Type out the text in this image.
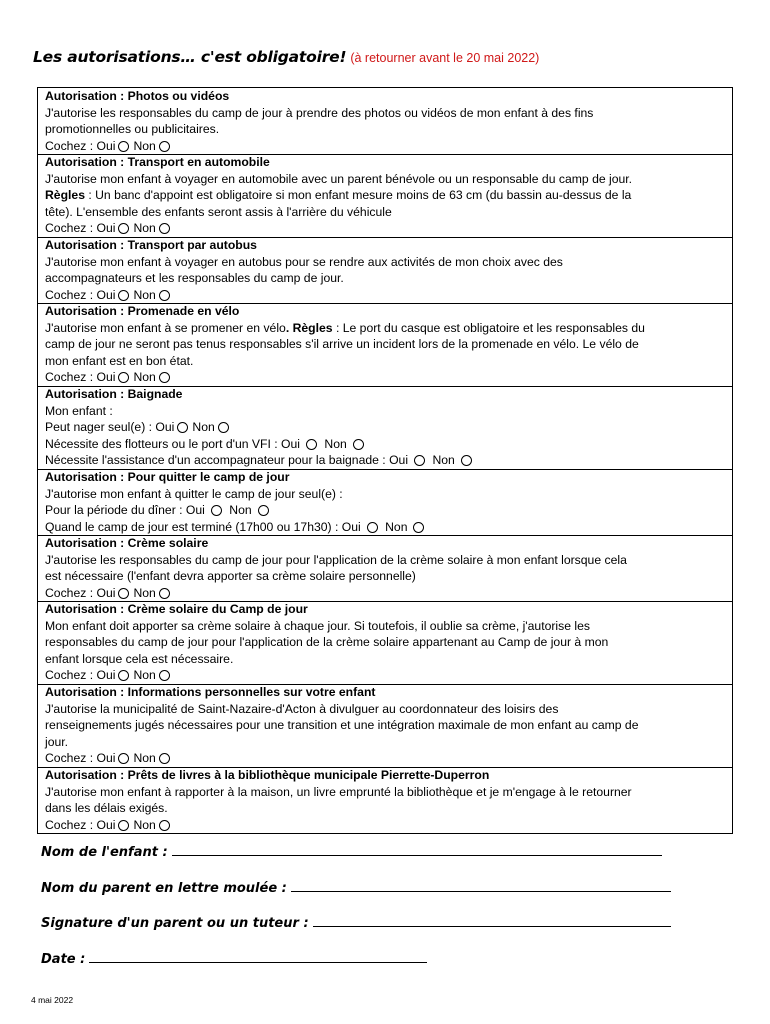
Les autorisations… c'est obligatoire! (à retourner avant le 20 mai 2022)
Autorisation : Photos ou vidéos
J'autorise les responsables du camp de jour à prendre des photos ou vidéos de mon enfant à des fins
promotionnelles ou publicitaires.
Cochez : Oui Non
Autorisation : Transport en automobile
J'autorise mon enfant à voyager en automobile avec un parent bénévole ou un responsable du camp de jour.
Règles : Un banc d'appoint est obligatoire si mon enfant mesure moins de 63 cm (du bassin au-dessus de la
tête). L'ensemble des enfants seront assis à l'arrière du véhicule
Cochez : Oui Non
Autorisation : Transport par autobus
J'autorise mon enfant à voyager en autobus pour se rendre aux activités de mon choix avec des
accompagnateurs et les responsables du camp de jour.
Cochez : Oui Non
Autorisation : Promenade en vélo
J'autorise mon enfant à se promener en vélo. Règles : Le port du casque est obligatoire et les responsables du
camp de jour ne seront pas tenus responsables s'il arrive un incident lors de la promenade en vélo. Le vélo de
mon enfant est en bon état.
Cochez : Oui Non
Autorisation : Baignade
Mon enfant :
Peut nager seul(e) : Oui Non
Nécessite des flotteurs ou le port d'un VFI : Oui Non
Nécessite l'assistance d'un accompagnateur pour la baignade : Oui Non
Autorisation : Pour quitter le camp de jour
J'autorise mon enfant à quitter le camp de jour seul(e) :
Pour la période du dîner : Oui Non
Quand le camp de jour est terminé (17h00 ou 17h30) : Oui Non
Autorisation : Crème solaire
J'autorise les responsables du camp de jour pour l'application de la crème solaire à mon enfant lorsque cela
est nécessaire (l'enfant devra apporter sa crème solaire personnelle)
Cochez : Oui Non
Autorisation : Crème solaire du Camp de jour
Mon enfant doit apporter sa crème solaire à chaque jour. Si toutefois, il oublie sa crème, j'autorise les
responsables du camp de jour pour l'application de la crème solaire appartenant au Camp de jour à mon
enfant lorsque cela est nécessaire.
Cochez : Oui Non
Autorisation : Informations personnelles sur votre enfant
J'autorise la municipalité de Saint-Nazaire-d'Acton à divulguer au coordonnateur des loisirs des
renseignements jugés nécessaires pour une transition et une intégration maximale de mon enfant au camp de
jour.
Cochez : Oui Non
Autorisation : Prêts de livres à la bibliothèque municipale Pierrette-Duperron
J'autorise mon enfant à rapporter à la maison, un livre emprunté la bibliothèque et je m'engage à le retourner
dans les délais exigés.
Cochez : Oui Non
Nom de l'enfant :
Nom du parent en lettre moulée :
Signature d'un parent ou un tuteur :
Date :
4 mai 2022
